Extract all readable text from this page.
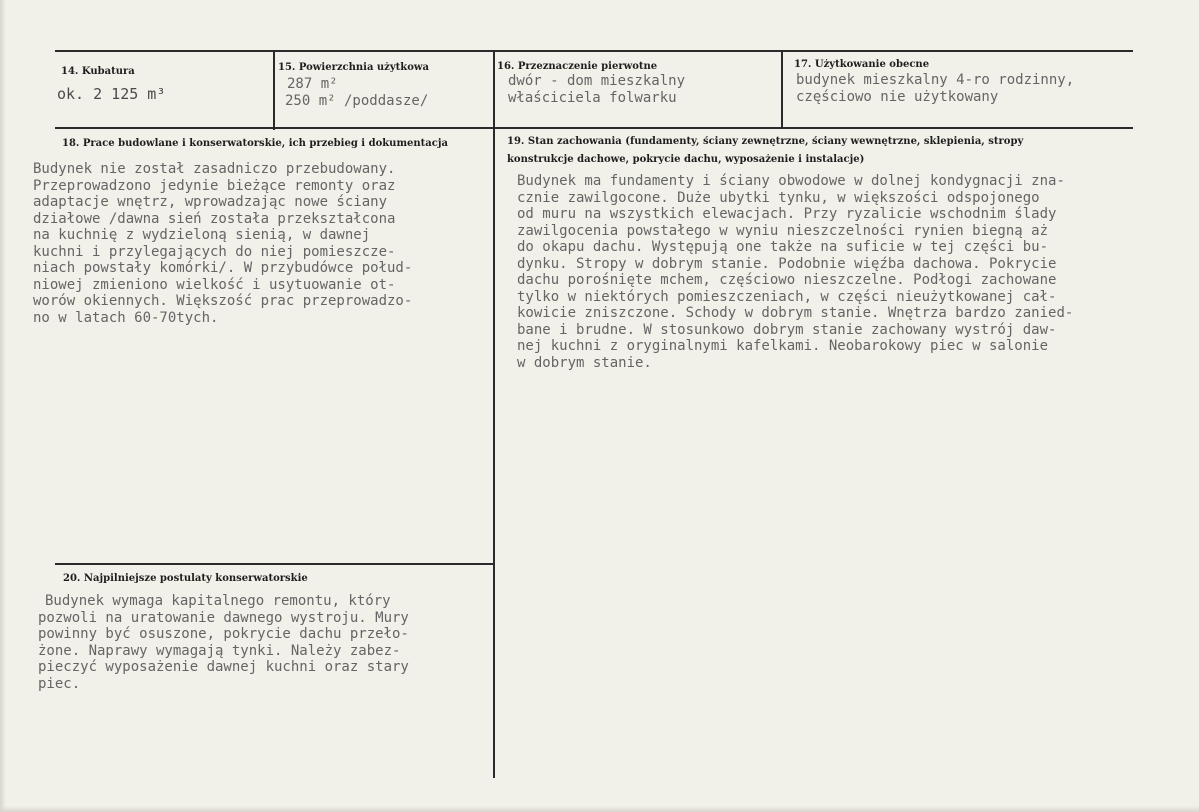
14. Kubatura
ok. 2 125 m³
15. Powierzchnia użytkowa
287 m²
250 m² /poddasze/
16. Przeznaczenie pierwotne
dwór - dom mieszkalny
właściciela folwarku
17. Użytkowanie obecne
budynek mieszkalny 4-ro rodzinny,
częściowo nie użytkowany
18. Prace budowlane i konserwatorskie, ich przebieg i dokumentacja
Budynek nie został zasadniczo przebudowany.
Przeprowadzono jedynie bieżące remonty oraz
adaptacje wnętrz, wprowadzając nowe ściany
działowe /dawna sień została przekształcona
na kuchnię z wydzieloną sienią, w dawnej
kuchni i przylegających do niej pomieszcze-
niach powstały komórki/. W przybudówce połud-
niowej zmieniono wielkość i usytuowanie ot-
worów okiennych. Większość prac przeprowadzo-
no w latach 60-70tych.
19. Stan zachowania (fundamenty, ściany zewnętrzne, ściany wewnętrzne, sklepienia, stropy
konstrukcje dachowe, pokrycie dachu, wyposażenie i instalacje)
Budynek ma fundamenty i ściany obwodowe w dolnej kondygnacji zna-
cznie zawilgocone. Duże ubytki tynku, w większości odspojonego
od muru na wszystkich elewacjach. Przy ryzalicie wschodnim ślady
zawilgocenia powstałego w wyniu nieszczelności rynien biegną aż
do okapu dachu. Występują one także na suficie w tej części bu-
dynku. Stropy w dobrym stanie. Podobnie więźba dachowa. Pokrycie
dachu porośnięte mchem, częściowo nieszczelne. Podłogi zachowane
tylko w niektórych pomieszczeniach, w części nieużytkowanej cał-
kowicie zniszczone. Schody w dobrym stanie. Wnętrza bardzo zanied-
bane i brudne. W stosunkowo dobrym stanie zachowany wystrój daw-
nej kuchni z oryginalnymi kafelkami. Neobarokowy piec w salonie
w dobrym stanie.
20. Najpilniejsze postulaty konserwatorskie
Budynek wymaga kapitalnego remontu, który
pozwoli na uratowanie dawnego wystroju. Mury
powinny być osuszone, pokrycie dachu przeło-
żone. Naprawy wymagają tynki. Należy zabez-
pieczyć wyposażenie dawnej kuchni oraz stary
piec.
